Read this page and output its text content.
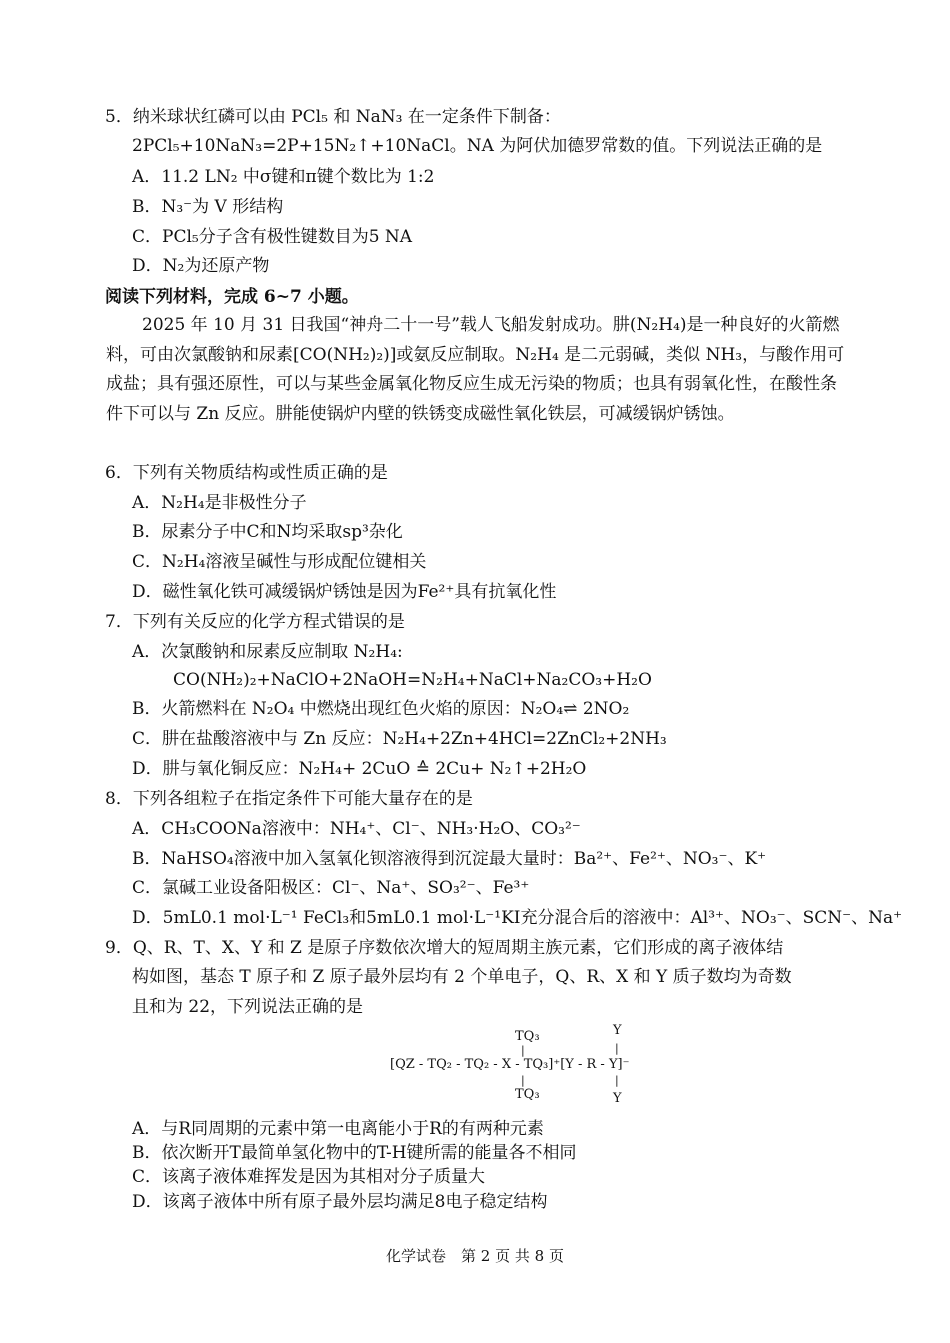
5．纳米球状红磷可以由 PCl₅ 和 NaN₃ 在一定条件下制备：
2PCl₅+10NaN₃=2P+15N₂↑+10NaCl。NA 为阿伏加德罗常数的值。下列说法正确的是
A．11.2 LN₂ 中σ键和π键个数比为 1:2
B．N₃⁻为 V 形结构
C．PCl₅分子含有极性键数目为5 NA
D．N₂为还原产物
阅读下列材料，完成 6~7 小题。
2025 年 10 月 31 日我国“神舟二十一号”载人飞船发射成功。肼(N₂H₄)是一种良好的火箭燃料，可由次氯酸钠和尿素[CO(NH₂)₂)]或氨反应制取。N₂H₄ 是二元弱碱，类似 NH₃，与酸作用可成盐；具有强还原性，可以与某些金属氧化物反应生成无污染的物质；也具有弱氧化性，在酸性条件下可以与 Zn 反应。肼能使锅炉内壁的铁锈变成磁性氧化铁层，可减缓锅炉锈蚀。
6．下列有关物质结构或性质正确的是
A．N₂H₄是非极性分子
B．尿素分子中C和N均采取sp³杂化
C．N₂H₄溶液呈碱性与形成配位键相关
D．磁性氧化铁可减缓锅炉锈蚀是因为Fe²⁺具有抗氧化性
7．下列有关反应的化学方程式错误的是
A．次氯酸钠和尿素反应制取 N₂H₄:
CO(NH₂)₂+NaClO+2NaOH=N₂H₄+NaCl+Na₂CO₃+H₂O
B．火箭燃料在 N₂O₄ 中燃烧出现红色火焰的原因：N₂O₄⇌ 2NO₂
C．肼在盐酸溶液中与 Zn 反应：N₂H₄+2Zn+4HCl=2ZnCl₂+2NH₃
D．肼与氧化铜反应：N₂H₄+ 2CuO ≙ 2Cu+ N₂↑+2H₂O
8．下列各组粒子在指定条件下可能大量存在的是
A．CH₃COONa溶液中：NH₄⁺、Cl⁻、NH₃·H₂O、CO₃²⁻
B．NaHSO₄溶液中加入氢氧化钡溶液得到沉淀最大量时：Ba²⁺、Fe²⁺、NO₃⁻、K⁺
C．氯碱工业设备阳极区：Cl⁻、Na⁺、SO₃²⁻、Fe³⁺
D．5mL0.1 mol·L⁻¹ FeCl₃和5mL0.1 mol·L⁻¹KI充分混合后的溶液中：Al³⁺、NO₃⁻、SCN⁻、Na⁺
9．Q、R、T、X、Y 和 Z 是原子序数依次增大的短周期主族元素，它们形成的离子液体结
构如图，基态 T 原子和 Z 原子最外层均有 2 个单电子，Q、R、X 和 Y 质子数均为奇数
且和为 22，下列说法正确的是
TQ₃	Y
|	|
[QZ - TQ₂ - TQ₂ - X - TQ₃]⁺[Y - R - Y]⁻
|	|
TQ₃	Y
A．与R同周期的元素中第一电离能小于R的有两种元素
B．依次断开T最简单氢化物中的T-H键所需的能量各不相同
C．该离子液体难挥发是因为其相对分子质量大
D．该离子液体中所有原子最外层均满足8电子稳定结构
化学试卷　第 2 页 共 8 页
